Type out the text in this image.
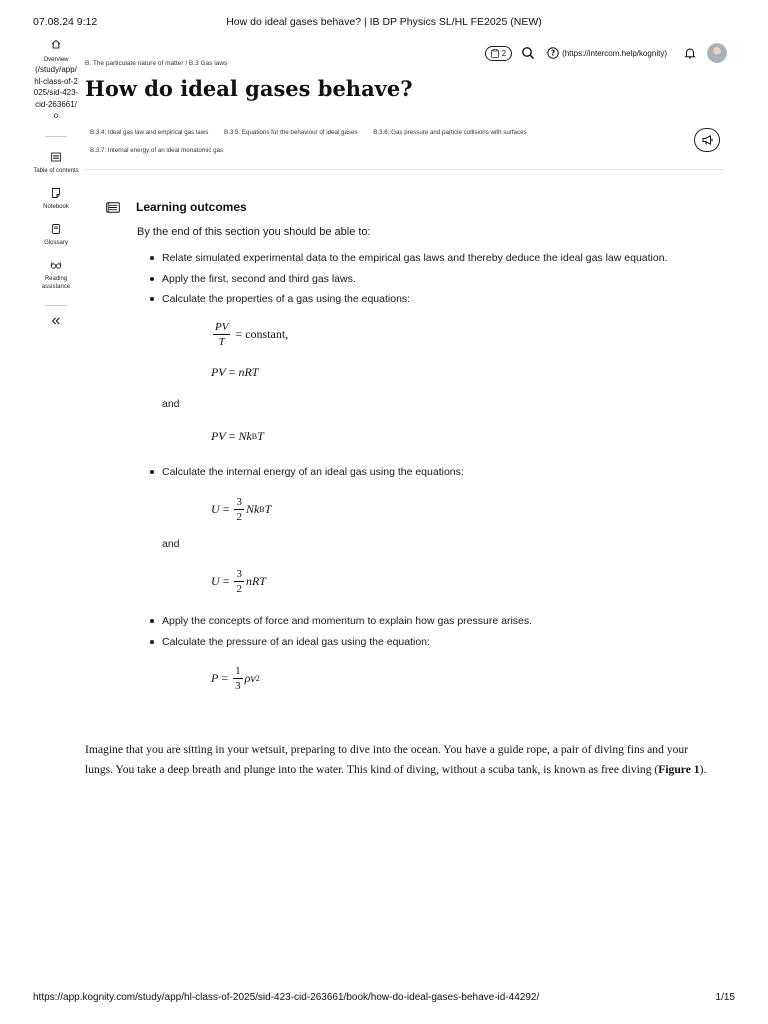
07.08.24 9:12	How do ideal gases behave? | IB DP Physics SL/HL FE2025 (NEW)
Overview
(/study/app/hl-class-of-2025/sid-423-cid-263661/o
Table of contents
Notebook
Glossary
Reading assistance
«
2	? (https://intercom.help/kognity)
B. The particulate nature of matter / B.3 Gas laws
How do ideal gases behave?
B.3.4: Ideal gas law and empirical gas laws	B.3.5: Equations for the behaviour of ideal gases	B.3.6: Gas pressure and particle collisions with surfaces
B.3.7: Internal energy of an ideal monatomic gas
Learning outcomes
By the end of this section you should be able to:
Relate simulated experimental data to the empirical gas laws and thereby deduce the ideal gas law equation.
Apply the first, second and third gas laws.
Calculate the properties of a gas using the equations:
$\frac{PV}{T}$ = constant,
PV = nRT
and
PV = Nk B T
Calculate the internal energy of an ideal gas using the equations:
$U = \frac{3}{2}$ Nk B T
and
$U = \frac{3}{2}$ nRT
Apply the concepts of force and momentum to explain how gas pressure arises.
Calculate the pressure of an ideal gas using the equation:
$P = \frac{1}{3}$ ρv 2
Imagine that you are sitting in your wetsuit, preparing to dive into the ocean. You have a guide rope, a pair of diving fins and your lungs. You take a deep breath and plunge into the water. This kind of diving, without a scuba tank, is known as free diving (Figure 1).
https://app.kognity.com/study/app/hl-class-of-2025/sid-423-cid-263661/book/how-do-ideal-gases-behave-id-44292/	1/15
